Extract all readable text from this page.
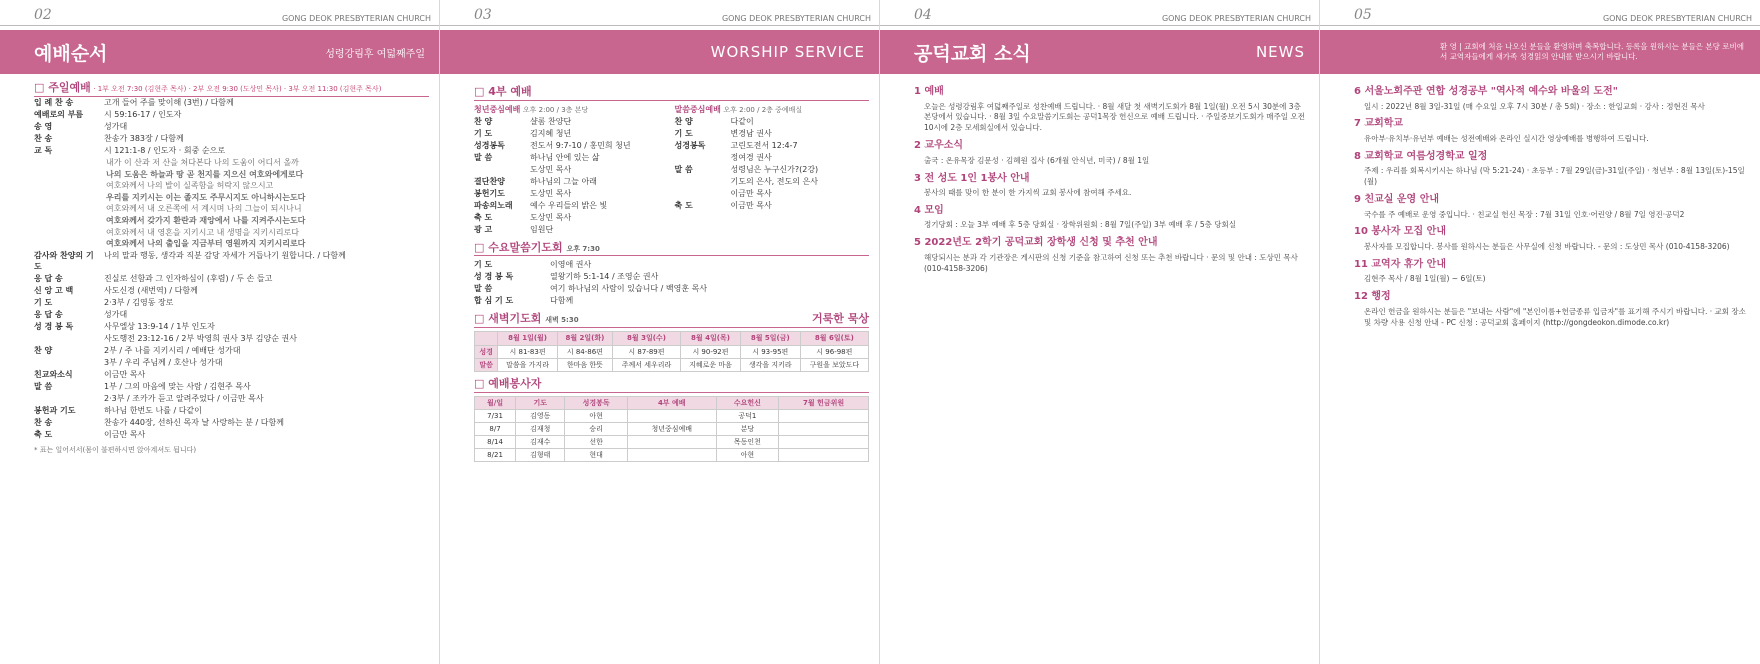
02	GONG DEOK PRESBYTERIAN CHURCH
예배순서	성령강림후 여덟째주일
□ 주일예배 · 1부 오전 7:30 (김현주 목사) · 2부 오전 9:30 (도상민 목사) · 3부 오전 11:30 (김현주 목사)
입 례 찬 송	고개 들어 주를 맞이해 (3번) / 다함께
예배로의 부름	시 59:16-17 / 인도자
송 영	성가대
찬 송	찬송가 383장 / 다함께
교 독	시 121:1-8 / 인도자 · 회중 순으로
내가 이 산과 저 산을 쳐다본다 나의 도움이 어디서 올까
나의 도움은 하늘과 땅 곧 천지를 지으신 여호와에게로다
여호와께서 나의 발이 실족함을 허락지 않으시고
우리를 지키시는 이는 졸지도 주무시지도 아니하시는도다
여호와께서 내 오른쪽에 서 계시며 나의 그늘이 되시나니
여호와께서 갖가지 환란과 재앙에서 나를 지켜주시는도다
여호와께서 내 영혼을 지키시고 내 생명을 지키시리로다
여호와께서 나의 출입을 지금부터 영원까지 지키시리로다
감사와 찬양의 기도
나의 말과 행동, 생각과 직분 감당 자세가 거듭나기 원합니다. / 다함께
응 답 송	진실로 선함과 그 인자하심이 (후렴) / 두 손 들고
신 앙 고 백	사도신경 (새번역) / 다함께
기 도	2·3부 / 김영동 장로
응 답 송	성가대
성 경 봉 독	사무엘상 13:9-14 / 1부 인도자
사도행전 23:12-16 / 2부 박영희 권사 3부 김양순 권사
찬 양	2부 / 주 나를 지키시리 / 예배단 성가대
3부 / 우리 주님께 / 호산나 성가대
친교와소식	이금만 목사
말 씀	1부 / 그의 마음에 맞는 사람 / 김현주 목사
2·3부 / 조카가 듣고 알려주었다 / 이금만 목사
봉헌과 기도	하나님 한번도 나를 / 다같이
찬 송	찬송가 440장, 선하신 목자 날 사랑하는 분 / 다함께
축 도	이금만 목사
* 표는 일어서서(몸이 불편하시면 앉아계셔도 됩니다)
03	GONG DEOK PRESBYTERIAN CHURCH
WORSHIP SERVICE
□ 4부 예배
청년중심예배 오후 2:00 / 3층 본당
찬 양	샬롬 찬양단
기 도	김지혜 청년
성경봉독	전도서 9:7-10 / 홍민희 청년
말 씀	하나님 안에 있는 삶
도상민 목사
결단찬양	하나님의 그늘 아래
봉헌기도	도상민 목사
파송의노래	예수 우리들의 밝은 빛
축 도	도상민 목사
광 고	임원단
말씀중심예배 오후 2:00 / 2층 중예배실
찬 양	다같이
기 도	변경남 권사
성경봉독	고린도전서 12:4-7
정여경 권사
말 씀	성령님은 누구신가?(2강)
기도의 은사, 전도의 은사
이금만 목사
축 도	이금만 목사
□ 수요말씀기도회 오후 7:30
기 도	이영애 권사
성 경 봉 독	열왕기하 5:1-14 / 조영순 권사
말 씀	여기 하나님의 사람이 있습니다 / 백영훈 목사
합 심 기 도	다함께
□ 새벽기도회 새벽 5:30	거룩한 묵상
	8월 1일(월)	8월 2일(화)	8월 3일(수)	8월 4일(목)	8월 5일(금)	8월 6일(토)
성경	시 81-83편	시 84-86편	시 87-89편	시 90-92편	시 93-95편	시 96-98편
말씀	말씀을 가지라	한마음 한뜻	주께서 세우리라	지혜로운 마음	생각을 지키라	구원을 보았도다
□ 예배봉사자
월/일	기도	성경봉독	4부 예배	수요헌신	7월 헌금위원
7/31	김영동	아현		공덕1	
8/7	김재청	승리	청년중심예배	분당	
8/14	김재수	선한		목동인천	
8/21	김형태	현대		아현	
04	GONG DEOK PRESBYTERIAN CHURCH
공덕교회 소식	NEWS
1 예배
오늘은 성령강림후 여덟째주일로 성찬예배 드립니다. · 8월 새달 첫 새벽기도회가 8월 1일(월) 오전 5시 30분에 3층 본당에서 있습니다. · 8월 3일 수요말씀기도회는 공덕1목장 헌신으로 예배 드립니다. · 주일중보기도회가 매주일 오전 10시에 2층 모세회실에서 있습니다.
2 교우소식
출국 : 온유목장 김문성 · 김혜원 집사 (6개월 안식년, 미국) / 8월 1일
3 전 성도 1인 1봉사 안내
봉사의 때를 맞이 한 분이 한 가지씩 교회 봉사에 참여해 주세요.
4 모임
정기당회 : 오늘 3부 예배 후 5층 당회실 · 장학위원회 : 8월 7일(주일) 3부 예배 후 / 5층 당회실
5 2022년도 2학기 공덕교회 장학생 신청 및 추천 안내
해당되시는 분과 각 기관장은 게시판의 신청 기준을 참고하여 신청 또는 추천 바랍니다 · 문의 및 안내 : 도상민 목사 (010-4158-3206)
05	GONG DEOK PRESBYTERIAN CHURCH
환 영 | 교회에 처음 나오신 분들을 환영하며 축복합니다. 등록을 원하시는 분들은 본당 로비에서 교역자들에게 새가족 성경읽의 안내를 받으시기 바랍니다.
6 서울노회주관 연합 성경공부 "역사적 예수와 바울의 도전"
일시 : 2022년 8월 3일-31일 (매 수요일 오후 7시 30분 / 총 5회) · 장소 : 한일교회 · 강사 : 정현진 목사
7 교회학교
유아부·유치부·유년부 예배는 성전예배와 온라인 실시간 영상예배를 병행하여 드립니다.
8 교회학교 여름성경학교 일정
주제 : 우리를 회복시키시는 하나님 (막 5:21-24) · 초등부 : 7월 29일(금)-31일(주일) · 청년부 : 8월 13일(토)-15일(월)
9 친교실 운영 안내
국수를 주 예배로 운영 중입니다. · 친교실 헌신 목장 : 7월 31일 인호·어린양 / 8월 7일 영진·공덕2
10 봉사자 모집 안내
봉사자를 모집합니다. 봉사를 원하시는 분들은 사무실에 신청 바랍니다. - 문의 : 도상민 목사 (010-4158-3206)
11 교역자 휴가 안내
김현주 목사 / 8월 1일(월) ~ 6일(토)
12 행정
온라인 헌금을 원하시는 분들은 "보내는 사람"에 "본인이름+헌금종류 입금자"를 표기해 주시기 바랍니다. · 교회 장소 및 차량 사용 신청 안내 - PC 신청 : 공덕교회 홈페이지 (http://gongdeokon.dimode.co.kr)
